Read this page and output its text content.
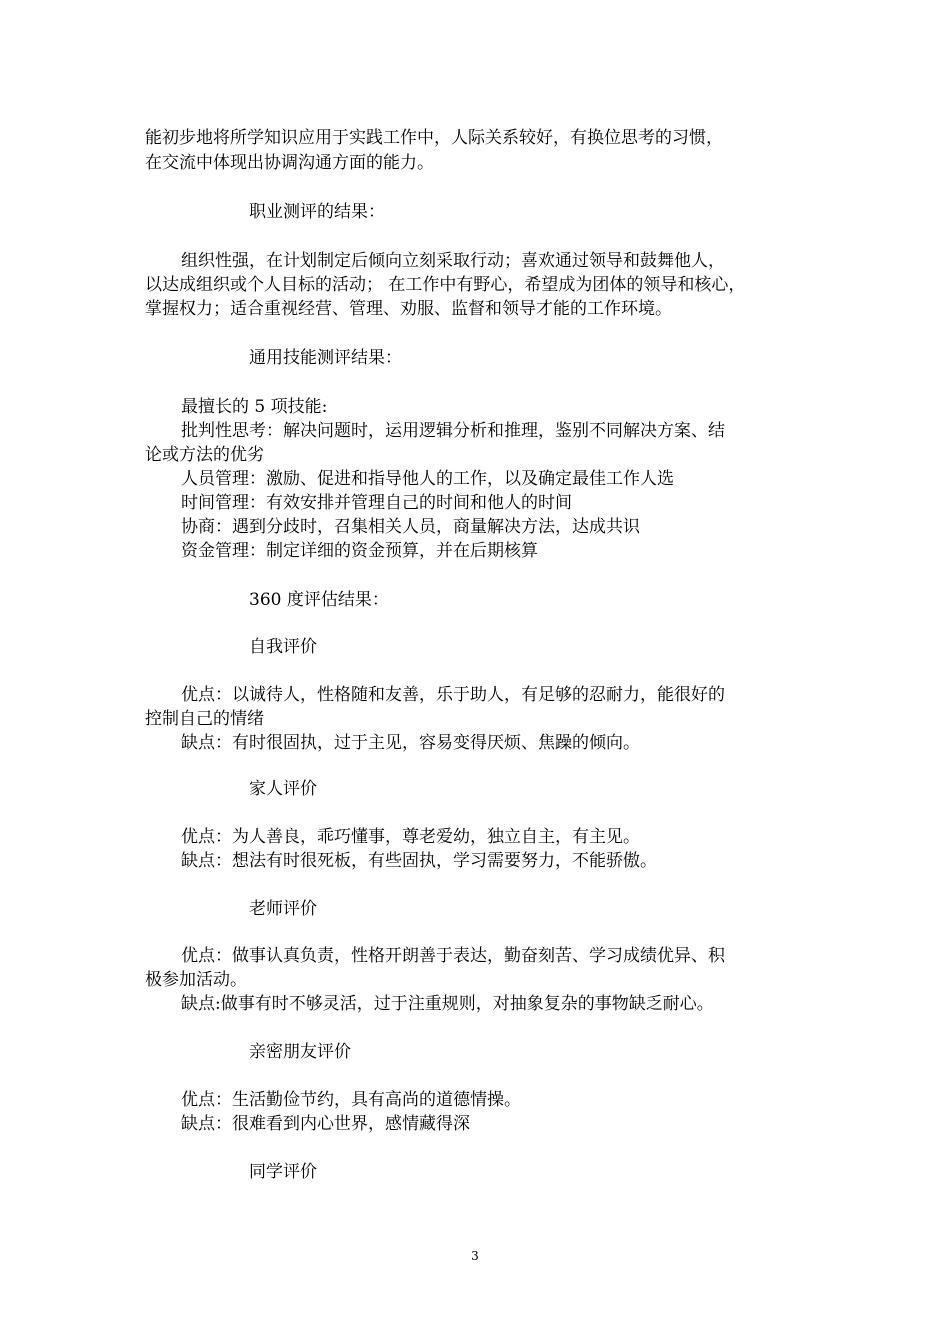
能初步地将所学知识应用于实践工作中，人际关系较好，有换位思考的习惯，
在交流中体现出协调沟通方面的能力。
职业测评的结果：
组织性强，在计划制定后倾向立刻采取行动；喜欢通过领导和鼓舞他人，
以达成组织或个人目标的活动； 在工作中有野心，希望成为团体的领导和核心，
掌握权力；适合重视经营、管理、劝服、监督和领导才能的工作环境。
通用技能测评结果：
最擅长的 5 项技能:
批判性思考：解决问题时，运用逻辑分析和推理，鉴别不同解决方案、结
论或方法的优劣
人员管理：激励、促进和指导他人的工作，以及确定最佳工作人选
时间管理：有效安排并管理自己的时间和他人的时间
协商：遇到分歧时，召集相关人员，商量解决方法，达成共识
资金管理：制定详细的资金预算，并在后期核算
360 度评估结果：
自我评价
优点：以诚待人，性格随和友善，乐于助人，有足够的忍耐力，能很好的
控制自己的情绪
缺点：有时很固执，过于主见，容易变得厌烦、焦躁的倾向。
家人评价
优点：为人善良，乖巧懂事，尊老爱幼，独立自主，有主见。
缺点：想法有时很死板，有些固执，学习需要努力，不能骄傲。
老师评价
优点：做事认真负责，性格开朗善于表达，勤奋刻苦、学习成绩优异、积
极参加活动。
缺点:做事有时不够灵活，过于注重规则，对抽象复杂的事物缺乏耐心。
亲密朋友评价
优点：生活勤俭节约，具有高尚的道德情操。
缺点：很难看到内心世界，感情藏得深
同学评价
3
